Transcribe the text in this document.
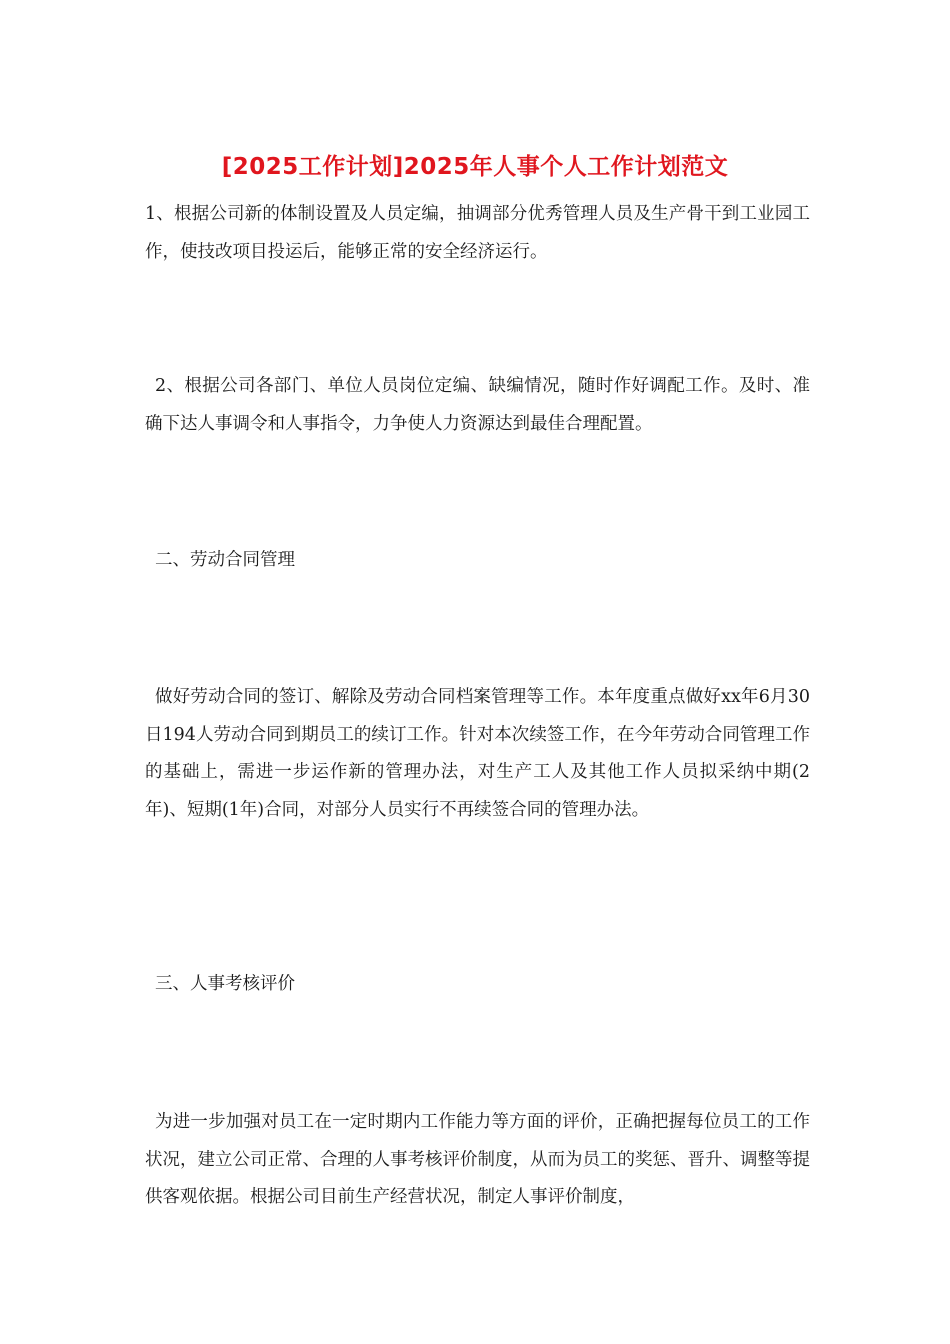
[2025工作计划]2025年人事个人工作计划范文

1、根据公司新的体制设置及人员定编，抽调部分优秀管理人员及生产骨干到工业园工作，使技改项目投运后，能够正常的安全经济运行。

2、根据公司各部门、单位人员岗位定编、缺编情况，随时作好调配工作。及时、准确下达人事调令和人事指令，力争使人力资源达到最佳合理配置。

二、劳动合同管理

做好劳动合同的签订、解除及劳动合同档案管理等工作。本年度重点做好xx年6月30日194人劳动合同到期员工的续订工作。针对本次续签工作，在今年劳动合同管理工作的基础上，需进一步运作新的管理办法，对生产工人及其他工作人员拟采纳中期(2年)、短期(1年)合同，对部分人员实行不再续签合同的管理办法。

三、人事考核评价

为进一步加强对员工在一定时期内工作能力等方面的评价，正确把握每位员工的工作状况，建立公司正常、合理的人事考核评价制度，从而为员工的奖惩、晋升、调整等提供客观依据。根据公司目前生产经营状况，制定人事评价制度，
